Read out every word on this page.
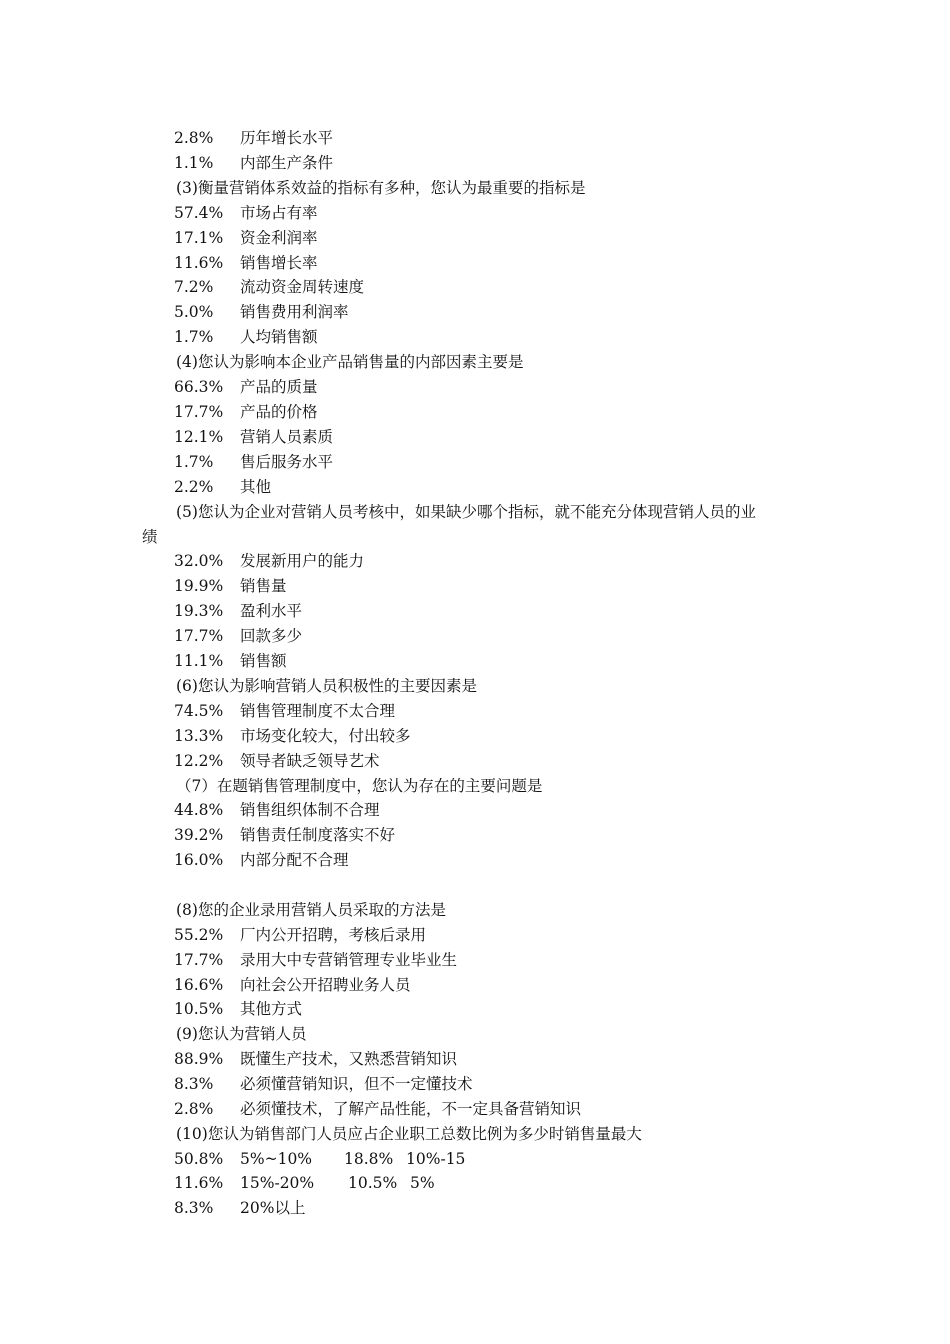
2.8% 历年增长水平
1.1% 内部生产条件
(3)衡量营销体系效益的指标有多种，您认为最重要的指标是
57.4% 市场占有率
17.1% 资金利润率
11.6% 销售增长率
7.2% 流动资金周转速度
5.0% 销售费用利润率
1.7% 人均销售额
(4)您认为影响本企业产品销售量的内部因素主要是
66.3% 产品的质量
17.7% 产品的价格
12.1% 营销人员素质
1.7% 售后服务水平
2.2% 其他
(5)您认为企业对营销人员考核中，如果缺少哪个指标，就不能充分体现营销人员的业
绩
32.0% 发展新用户的能力
19.9% 销售量
19.3% 盈利水平
17.7% 回款多少
11.1% 销售额
(6)您认为影响营销人员积极性的主要因素是
74.5% 销售管理制度不太合理
13.3% 市场变化较大，付出较多
12.2% 领导者缺乏领导艺术
（7）在题销售管理制度中，您认为存在的主要问题是
44.8% 销售组织体制不合理
39.2% 销售责任制度落实不好
16.0% 内部分配不合理
(8)您的企业录用营销人员采取的方法是
55.2% 厂内公开招聘，考核后录用
17.7% 录用大中专营销管理专业毕业生
16.6% 向社会公开招聘业务人员
10.5% 其他方式
(9)您认为营销人员
88.9% 既懂生产技术，又熟悉营销知识
8.3% 必须懂营销知识，但不一定懂技术
2.8% 必须懂技术，了解产品性能，不一定具备营销知识
(10)您认为销售部门人员应占企业职工总数比例为多少时销售量最大
50.8% 5%~10% 18.8% 10%-15
11.6% 15%-20% 10.5% 5%
8.3% 20%以上
